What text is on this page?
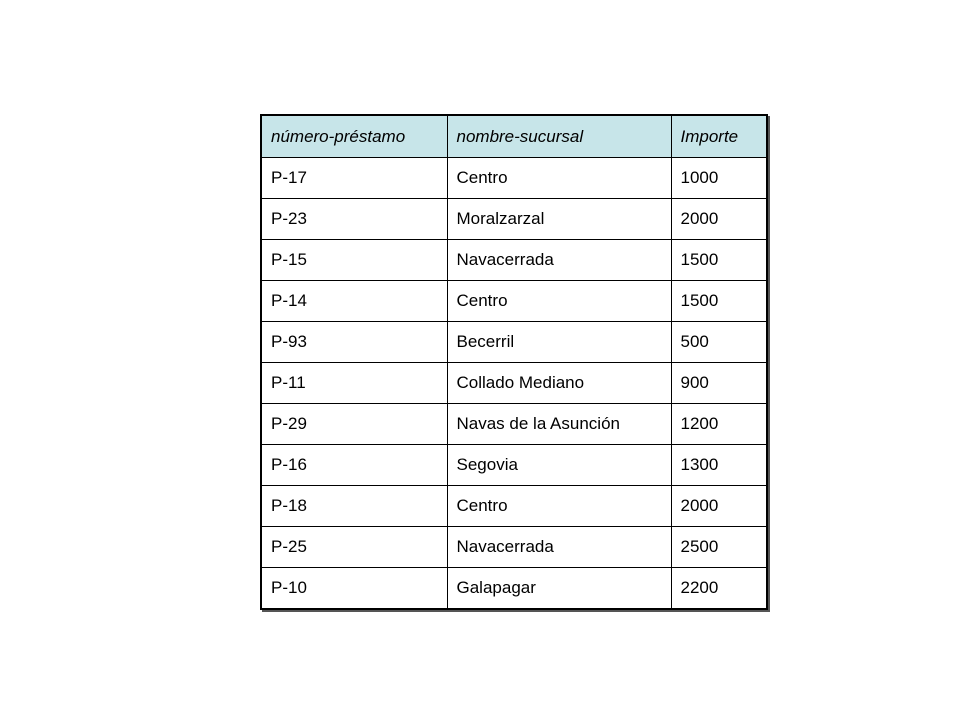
número-préstamo	nombre-sucursal	Importe
P-17	Centro	1000
P-23	Moralzarzal	2000
P-15	Navacerrada	1500
P-14	Centro	1500
P-93	Becerril	500
P-11	Collado Mediano	900
P-29	Navas de la Asunción	1200
P-16	Segovia	1300
P-18	Centro	2000
P-25	Navacerrada	2500
P-10	Galapagar	2200
